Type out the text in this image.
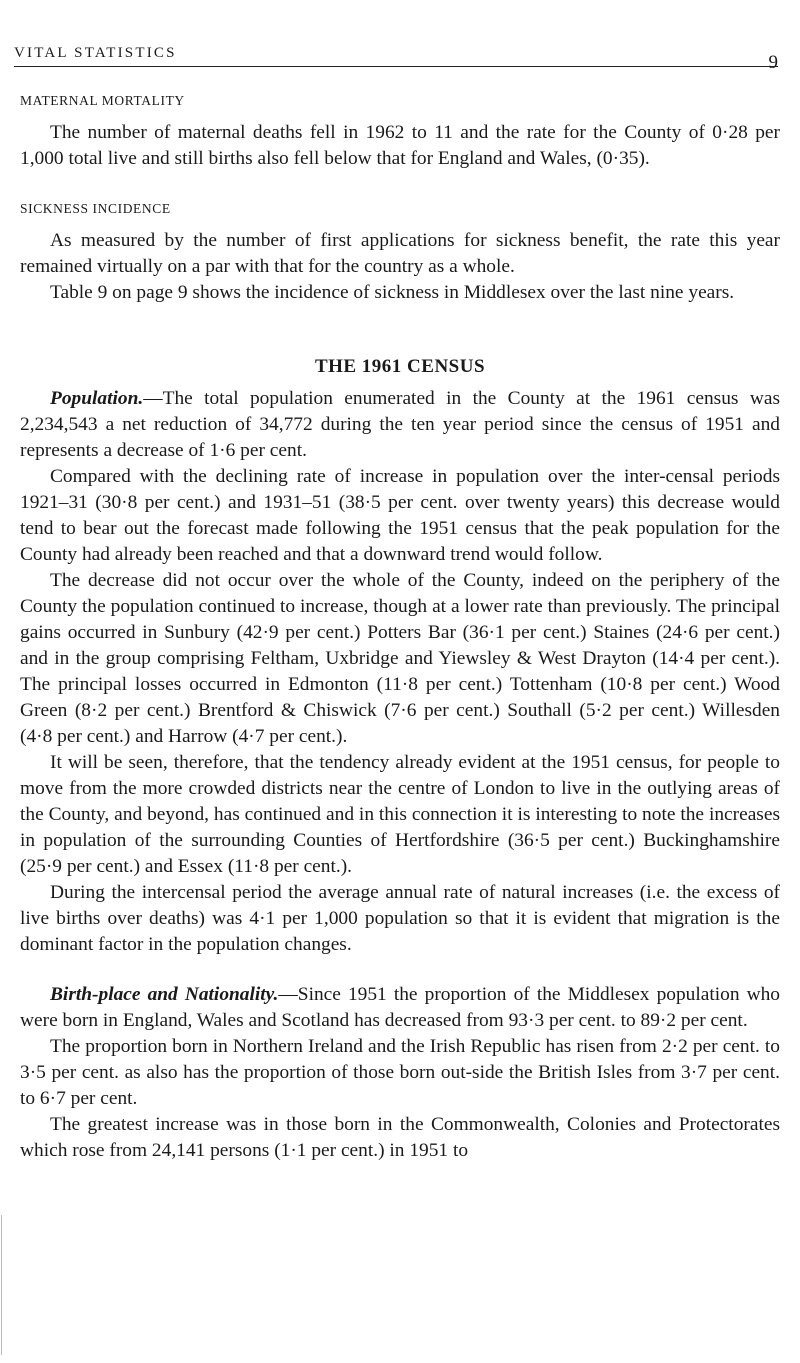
VITAL STATISTICS	9
MATERNAL MORTALITY

The number of maternal deaths fell in 1962 to 11 and the rate for the County of 0·28 per 1,000 total live and still births also fell below that for England and Wales, (0·35).

SICKNESS INCIDENCE

As measured by the number of first applications for sickness benefit, the rate this year remained virtually on a par with that for the country as a whole.

Table 9 on page 9 shows the incidence of sickness in Middlesex over the last nine years.

THE 1961 CENSUS

Population.—The total population enumerated in the County at the 1961 census was 2,234,543 a net reduction of 34,772 during the ten year period since the census of 1951 and represents a decrease of 1·6 per cent.

Compared with the declining rate of increase in population over the inter-censal periods 1921–31 (30·8 per cent.) and 1931–51 (38·5 per cent. over twenty years) this decrease would tend to bear out the forecast made following the 1951 census that the peak population for the County had already been reached and that a downward trend would follow.

The decrease did not occur over the whole of the County, indeed on the periphery of the County the population continued to increase, though at a lower rate than previously. The principal gains occurred in Sunbury (42·9 per cent.) Potters Bar (36·1 per cent.) Staines (24·6 per cent.) and in the group comprising Feltham, Uxbridge and Yiewsley & West Drayton (14·4 per cent.). The principal losses occurred in Edmonton (11·8 per cent.) Tottenham (10·8 per cent.) Wood Green (8·2 per cent.) Brentford & Chiswick (7·6 per cent.) Southall (5·2 per cent.) Willesden (4·8 per cent.) and Harrow (4·7 per cent.).

It will be seen, therefore, that the tendency already evident at the 1951 census, for people to move from the more crowded districts near the centre of London to live in the outlying areas of the County, and beyond, has continued and in this connection it is interesting to note the increases in population of the surrounding Counties of Hertfordshire (36·5 per cent.) Buckinghamshire (25·9 per cent.) and Essex (11·8 per cent.).

During the intercensal period the average annual rate of natural increases (i.e. the excess of live births over deaths) was 4·1 per 1,000 population so that it is evident that migration is the dominant factor in the population changes.

Birth-place and Nationality.—Since 1951 the proportion of the Middlesex population who were born in England, Wales and Scotland has decreased from 93·3 per cent. to 89·2 per cent.

The proportion born in Northern Ireland and the Irish Republic has risen from 2·2 per cent. to 3·5 per cent. as also has the proportion of those born out-side the British Isles from 3·7 per cent. to 6·7 per cent.

The greatest increase was in those born in the Commonwealth, Colonies and Protectorates which rose from 24,141 persons (1·1 per cent.) in 1951 to
